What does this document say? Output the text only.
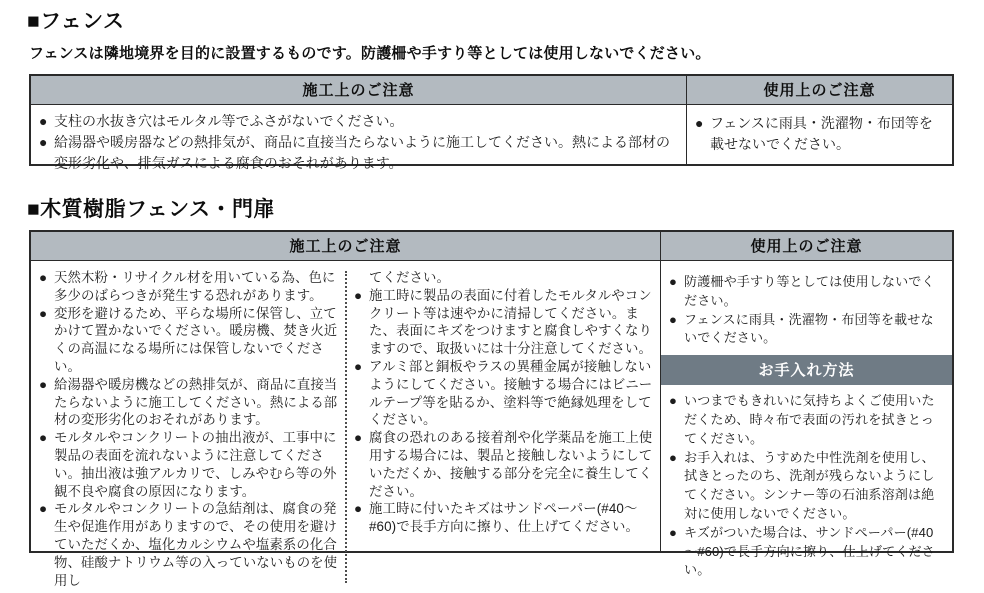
■フェンス

フェンスは隣地境界を目的に設置するものです。防護柵や手すり等としては使用しないでください。

施工上のご注意
● 支柱の水抜き穴はモルタル等でふさがないでください。
● 給湯器や暖房器などの熱排気が、商品に直接当たらないように施工してください。熱による部材の変形劣化や、排気ガスによる腐食のおそれがあります。
使用上のご注意
● フェンスに雨具・洗濯物・布団等を載せないでください。
■木質樹脂フェンス・門扉
施工上のご注意
● 天然木粉・リサイクル材を用いている為、色に多少のばらつきが発生する恐れがあります。
● 変形を避けるため、平らな場所に保管し、立てかけて置かないでください。暖房機、焚き火近くの高温になる場所には保管しないでください。
● 給湯器や暖房機などの熱排気が、商品に直接当たらないように施工してください。熱による部材の変形劣化のおそれがあります。
● モルタルやコンクリートの抽出液が、工事中に製品の表面を流れないように注意してください。抽出液は強アルカリで、しみやむら等の外観不良や腐食の原因になります。
● モルタルやコンクリートの急結剤は、腐食の発生や促進作用がありますので、その使用を避けていただくか、塩化カルシウムや塩素系の化合物、硅酸ナトリウム等の入っていないものを使用し
てください。
● 施工時に製品の表面に付着したモルタルやコンクリート等は速やかに清掃してください。また、表面にキズをつけますと腐食しやすくなりますので、取扱いには十分注意してください。
● アルミ部と銅板やラスの異種金属が接触しないようにしてください。接触する場合にはビニールテープ等を貼るか、塗料等で絶縁処理をしてください。
● 腐食の恐れのある接着剤や化学薬品を施工上使用する場合には、製品と接触しないようにしていただくか、接触する部分を完全に養生してください。
● 施工時に付いたキズはサンドペーパー(#40～#60)で長手方向に擦り、仕上げてください。
使用上のご注意
● 防護柵や手すり等としては使用しないでください。
● フェンスに雨具・洗濯物・布団等を載せないでください。
お手入れ方法
● いつまでもきれいに気持ちよくご使用いただくため、時々布で表面の汚れを拭きとってください。
● お手入れは、うすめた中性洗剤を使用し、拭きとったのち、洗剤が残らないようにしてください。シンナー等の石油系溶剤は絶対に使用しないでください。
● キズがついた場合は、サンドペーパー(#40～#60)で長手方向に擦り、仕上げてください。
